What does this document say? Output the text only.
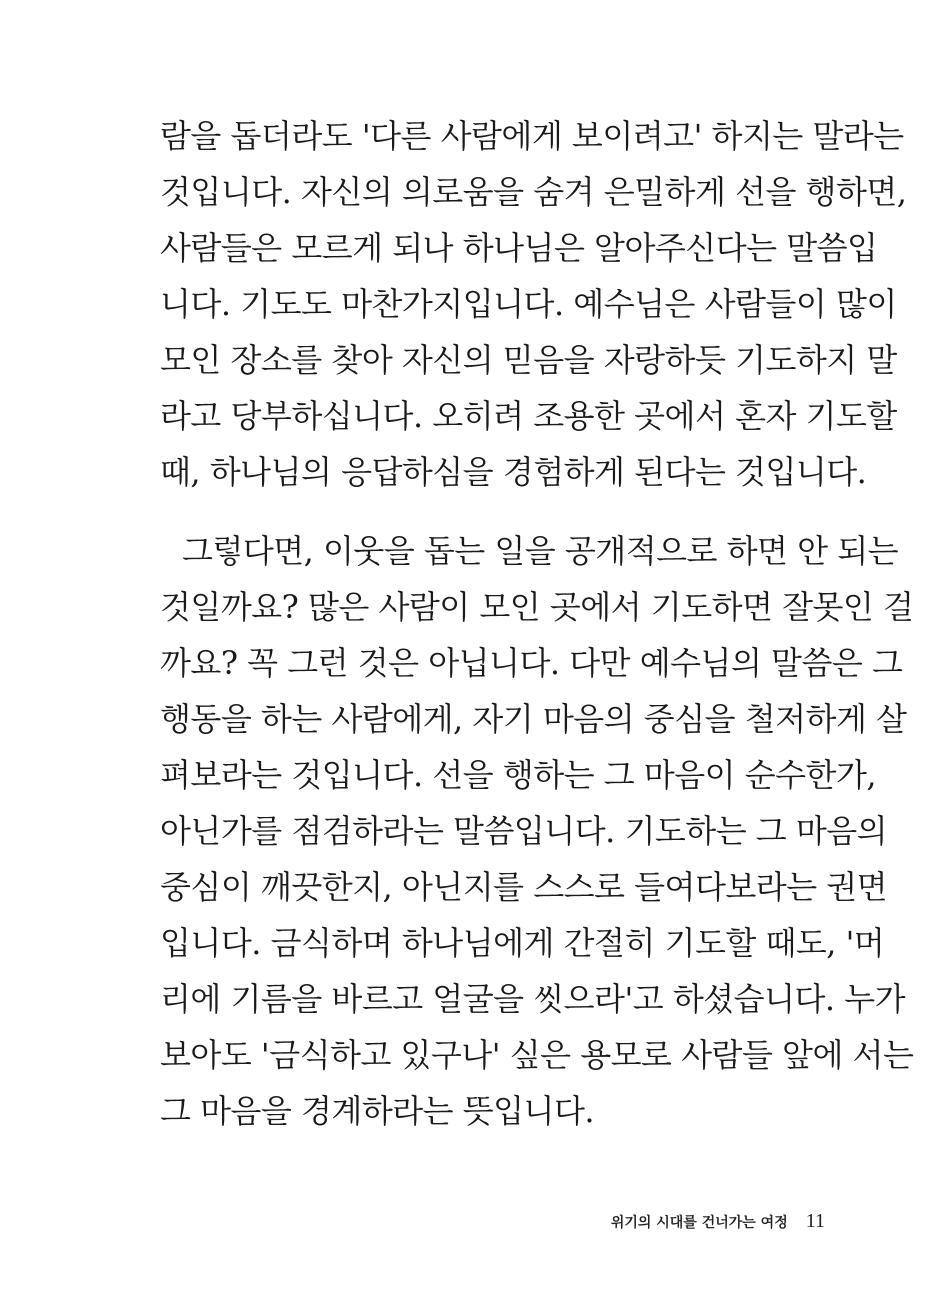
람을 돕더라도 '다른 사람에게 보이려고' 하지는 말라는
것입니다. 자신의 의로움을 숨겨 은밀하게 선을 행하면,
사람들은 모르게 되나 하나님은 알아주신다는 말씀입
니다. 기도도 마찬가지입니다. 예수님은 사람들이 많이
모인 장소를 찾아 자신의 믿음을 자랑하듯 기도하지 말
라고 당부하십니다. 오히려 조용한 곳에서 혼자 기도할
때, 하나님의 응답하심을 경험하게 된다는 것입니다.
그렇다면, 이웃을 돕는 일을 공개적으로 하면 안 되는
것일까요? 많은 사람이 모인 곳에서 기도하면 잘못인 걸
까요? 꼭 그런 것은 아닙니다. 다만 예수님의 말씀은 그
행동을 하는 사람에게, 자기 마음의 중심을 철저하게 살
펴보라는 것입니다. 선을 행하는 그 마음이 순수한가,
아닌가를 점검하라는 말씀입니다. 기도하는 그 마음의
중심이 깨끗한지, 아닌지를 스스로 들여다보라는 권면
입니다. 금식하며 하나님에게 간절히 기도할 때도, '머
리에 기름을 바르고 얼굴을 씻으라'고 하셨습니다. 누가
보아도 '금식하고 있구나' 싶은 용모로 사람들 앞에 서는
그 마음을 경계하라는 뜻입니다.
위기의 시대를 건너가는 여정 11
